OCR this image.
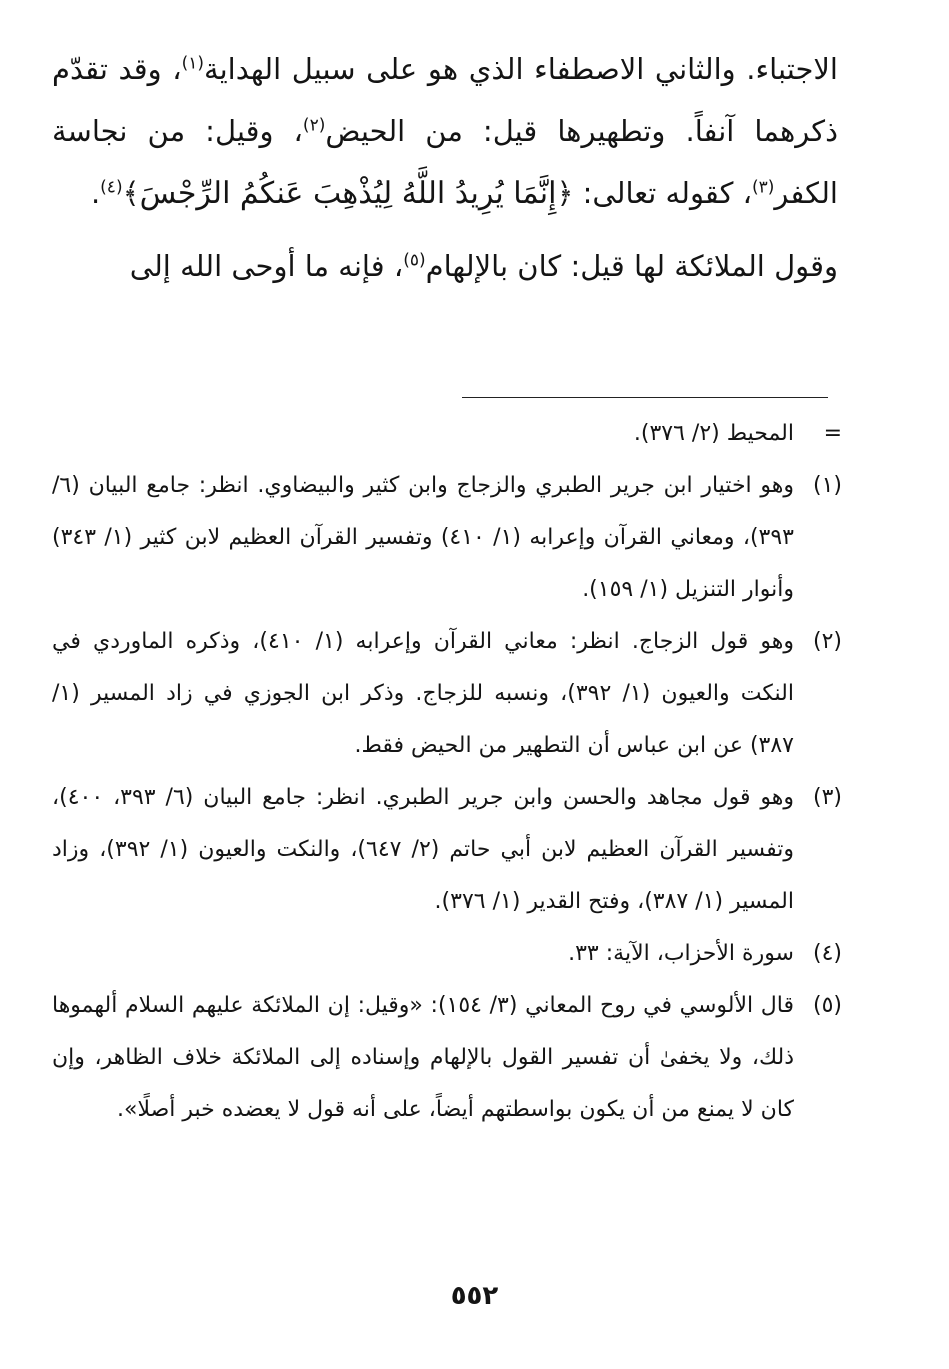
الاجتباء. والثاني الاصطفاء الذي هو على سبيل الهداية$^{(١)}$، وقد تقدّم ذكرهما آنفاً. وتطهيرها قيل: من الحيض$^{(٢)}$، وقيل: من نجاسة الكفر$^{(٣)}$، كقوله تعالى: ﴿إِنَّمَا يُرِيدُ اللَّهُ لِيُذْهِبَ عَنكُمُ الرِّجْسَ﴾$^{(٤)}$.

وقول الملائكة لها قيل: كان بالإلهام$^{(٥)}$، فإنه ما أوحى الله إلى

=
المحيط (٢/ ٣٧٦).
(١)
وهو اختيار ابن جرير الطبري والزجاج وابن كثير والبيضاوي. انظر: جامع البيان (٦/ ٣٩٣)، ومعاني القرآن وإعرابه (١/ ٤١٠) وتفسير القرآن العظيم لابن كثير (١/ ٣٤٣) وأنوار التنزيل (١/ ١٥٩).
(٢)
وهو قول الزجاج. انظر: معاني القرآن وإعرابه (١/ ٤١٠)، وذكره الماوردي في النكت والعيون (١/ ٣٩٢)، ونسبه للزجاج. وذكر ابن الجوزي في زاد المسير (١/ ٣٨٧) عن ابن عباس أن التطهير من الحيض فقط.
(٣)
وهو قول مجاهد والحسن وابن جرير الطبري. انظر: جامع البيان (٦/ ٣٩٣، ٤٠٠)، وتفسير القرآن العظيم لابن أبي حاتم (٢/ ٦٤٧)، والنكت والعيون (١/ ٣٩٢)، وزاد المسير (١/ ٣٨٧)، وفتح القدير (١/ ٣٧٦).
(٤)
سورة الأحزاب، الآية: ٣٣.
(٥)
قال الألوسي في روح المعاني (٣/ ١٥٤): «وقيل: إن الملائكة عليهم السلام ألهموها ذلك، ولا يخفىٰ أن تفسير القول بالإلهام وإسناده إلى الملائكة خلاف الظاهر، وإن كان لا يمنع من أن يكون بواسطتهم أيضاً، على أنه قول لا يعضده خبر أصلًا».
٥٥٢
